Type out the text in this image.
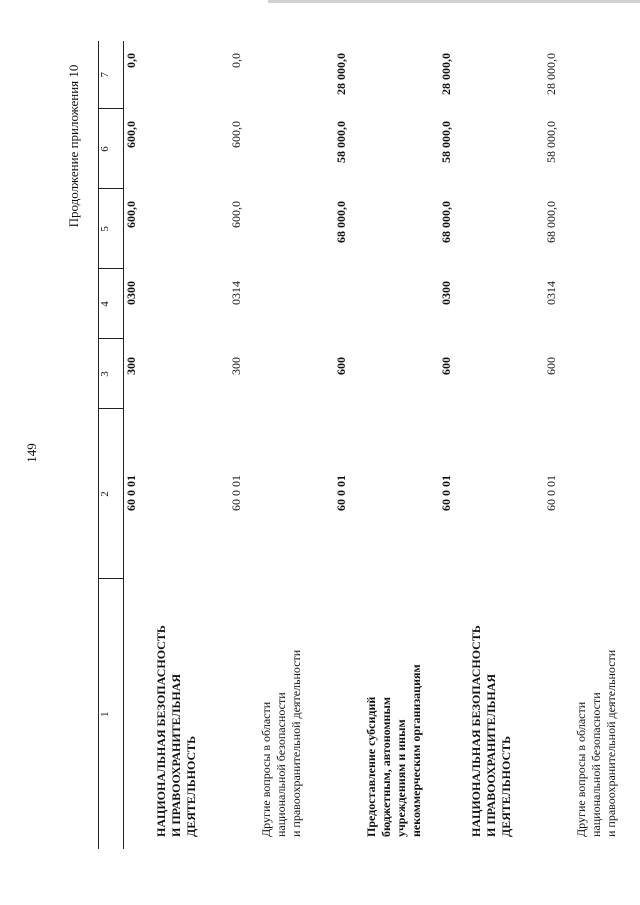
149
Продолжение приложения 10
1	2	3	4	5	6	7

НАЦИОНАЛЬНАЯ БЕЗОПАСНОСТЬ И ПРАВООХРАНИТЕЛЬНАЯ ДЕЯТЕЛЬНОСТЬ	60 0 01	300	0300	600,0	600,0	0,0

Другие вопросы в области национальной безопасности и правоохранительной деятельности	60 0 01	300	0314	600,0	600,0	0,0

Предоставление субсидий бюджетным, автономным учреждениям и иным некоммерческим организациям	60 0 01	600		68 000,0	58 000,0	28 000,0

НАЦИОНАЛЬНАЯ БЕЗОПАСНОСТЬ И ПРАВООХРАНИТЕЛЬНАЯ ДЕЯТЕЛЬНОСТЬ	60 0 01	600	0300	68 000,0	58 000,0	28 000,0

Другие вопросы в области национальной безопасности и правоохранительной деятельности	60 0 01	600	0314	68 000,0	58 000,0	28 000,0
